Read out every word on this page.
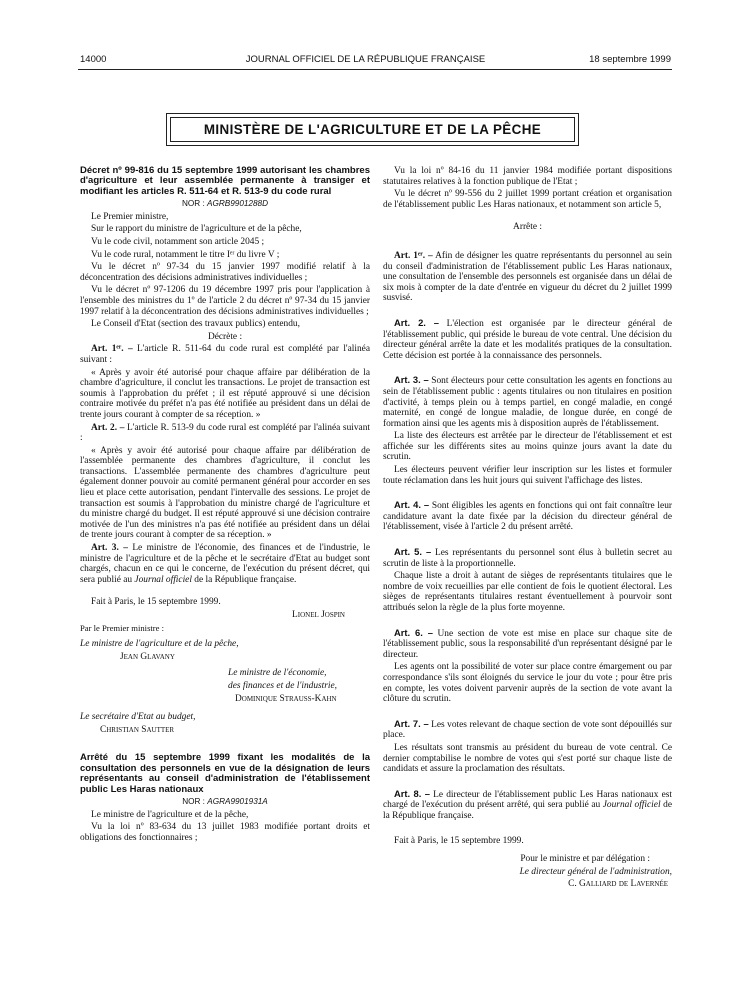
14000	JOURNAL OFFICIEL DE LA RÉPUBLIQUE FRANÇAISE	18 septembre 1999
MINISTÈRE DE L'AGRICULTURE ET DE LA PÊCHE

Décret nº 99-816 du 15 septembre 1999 autorisant les chambres d'agriculture et leur assemblée permanente à transiger et modifiant les articles R. 511-64 et R. 513-9 du code rural

NOR : AGRB9901288D

Le Premier ministre,

Sur le rapport du ministre de l'agriculture et de la pêche,

Vu le code civil, notamment son article 2045 ;

Vu le code rural, notamment le titre Iᵉʳ du livre V ;

Vu le décret nº 97-34 du 15 janvier 1997 modifié relatif à la déconcentration des décisions administratives individuelles ;

Vu le décret nº 97-1206 du 19 décembre 1997 pris pour l'application à l'ensemble des ministres du 1º de l'article 2 du décret nº 97-34 du 15 janvier 1997 relatif à la déconcentration des décisions administratives individuelles ;

Le Conseil d'Etat (section des travaux publics) entendu,

Décrète :

Art. 1ᵉʳ. – L'article R. 511-64 du code rural est complété par l'alinéa suivant :

« Après y avoir été autorisé pour chaque affaire par délibération de la chambre d'agriculture, il conclut les transactions. Le projet de transaction est soumis à l'approbation du préfet ; il est réputé approuvé si une décision contraire motivée du préfet n'a pas été notifiée au président dans un délai de trente jours courant à compter de sa réception. »

Art. 2. – L'article R. 513-9 du code rural est complété par l'alinéa suivant :

« Après y avoir été autorisé pour chaque affaire par délibération de l'assemblée permanente des chambres d'agriculture, il conclut les transactions. L'assemblée permanente des chambres d'agriculture peut également donner pouvoir au comité permanent général pour accorder en ses lieu et place cette autorisation, pendant l'intervalle des sessions. Le projet de transaction est soumis à l'approbation du ministre chargé de l'agriculture et du ministre chargé du budget. Il est réputé approuvé si une décision contraire motivée de l'un des ministres n'a pas été notifiée au président dans un délai de trente jours courant à compter de sa réception. »

Art. 3. – Le ministre de l'économie, des finances et de l'industrie, le ministre de l'agriculture et de la pêche et le secrétaire d'Etat au budget sont chargés, chacun en ce qui le concerne, de l'exécution du présent décret, qui sera publié au Journal officiel de la République française.

Fait à Paris, le 15 septembre 1999.

Lionel Jospin

Par le Premier ministre :

Le ministre de l'agriculture et de la pêche,

Jean Glavany

Le ministre de l'économie,

des finances et de l'industrie,

Dominique Strauss-Kahn

Le secrétaire d'Etat au budget,

Christian Sautter

Arrêté du 15 septembre 1999 fixant les modalités de la consultation des personnels en vue de la désignation de leurs représentants au conseil d'administration de l'établissement public Les Haras nationaux

NOR : AGRA9901931A

Le ministre de l'agriculture et de la pêche,

Vu la loi nº 83-634 du 13 juillet 1983 modifiée portant droits et obligations des fonctionnaires ;

Vu la loi nº 84-16 du 11 janvier 1984 modifiée portant dispositions statutaires relatives à la fonction publique de l'Etat ;

Vu le décret nº 99-556 du 2 juillet 1999 portant création et organisation de l'établissement public Les Haras nationaux, et notamment son article 5,

Arrête :

Art. 1ᵉʳ. – Afin de désigner les quatre représentants du personnel au sein du conseil d'administration de l'établissement public Les Haras nationaux, une consultation de l'ensemble des personnels est organisée dans un délai de six mois à compter de la date d'entrée en vigueur du décret du 2 juillet 1999 susvisé.

Art. 2. – L'élection est organisée par le directeur général de l'établissement public, qui préside le bureau de vote central. Une décision du directeur général arrête la date et les modalités pratiques de la consultation. Cette décision est portée à la connaissance des personnels.

Art. 3. – Sont électeurs pour cette consultation les agents en fonctions au sein de l'établissement public : agents titulaires ou non titulaires en position d'activité, à temps plein ou à temps partiel, en congé maladie, en congé maternité, en congé de longue maladie, de longue durée, en congé de formation ainsi que les agents mis à disposition auprès de l'établissement.

La liste des électeurs est arrêtée par le directeur de l'établissement et est affichée sur les différents sites au moins quinze jours avant la date du scrutin.

Les électeurs peuvent vérifier leur inscription sur les listes et formuler toute réclamation dans les huit jours qui suivent l'affichage des listes.

Art. 4. – Sont éligibles les agents en fonctions qui ont fait connaître leur candidature avant la date fixée par la décision du directeur général de l'établissement, visée à l'article 2 du présent arrêté.

Art. 5. – Les représentants du personnel sont élus à bulletin secret au scrutin de liste à la proportionnelle.

Chaque liste a droit à autant de sièges de représentants titulaires que le nombre de voix recueillies par elle contient de fois le quotient électoral. Les sièges de représentants titulaires restant éventuellement à pourvoir sont attribués selon la règle de la plus forte moyenne.

Art. 6. – Une section de vote est mise en place sur chaque site de l'établissement public, sous la responsabilité d'un représentant désigné par le directeur.

Les agents ont la possibilité de voter sur place contre émargement ou par correspondance s'ils sont éloignés du service le jour du vote ; pour être pris en compte, les votes doivent parvenir auprès de la section de vote avant la clôture du scrutin.

Art. 7. – Les votes relevant de chaque section de vote sont dépouillés sur place.

Les résultats sont transmis au président du bureau de vote central. Ce dernier comptabilise le nombre de votes qui s'est porté sur chaque liste de candidats et assure la proclamation des résultats.

Art. 8. – Le directeur de l'établissement public Les Haras nationaux est chargé de l'exécution du présent arrêté, qui sera publié au Journal officiel de la République française.

Fait à Paris, le 15 septembre 1999.

Pour le ministre et par délégation :

Le directeur général de l'administration,

C. Galliard de Lavernée
